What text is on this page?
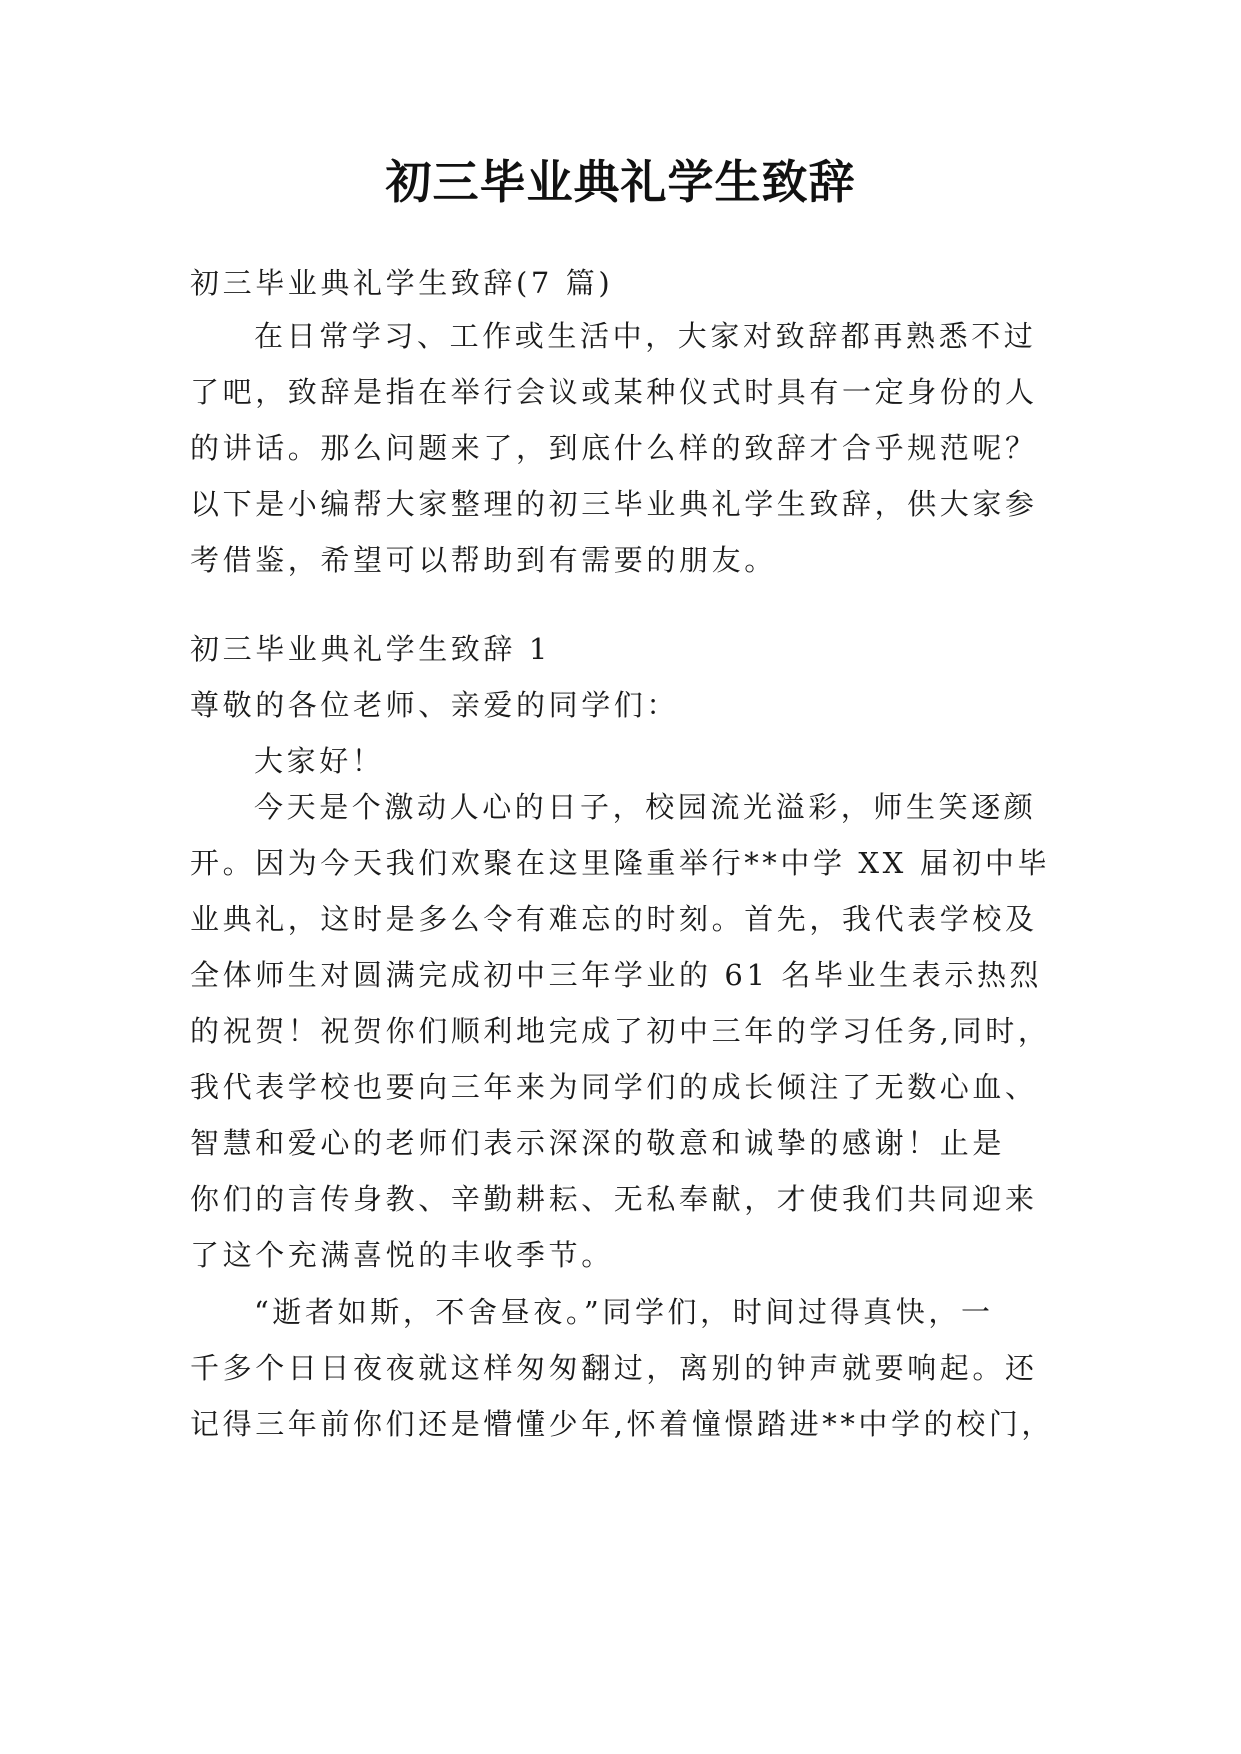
初三毕业典礼学生致辞
初三毕业典礼学生致辞(7 篇)
在日常学习、工作或生活中，大家对致辞都再熟悉不过
了吧，致辞是指在举行会议或某种仪式时具有一定身份的人
的讲话。那么问题来了，到底什么样的致辞才合乎规范呢？
以下是小编帮大家整理的初三毕业典礼学生致辞，供大家参
考借鉴，希望可以帮助到有需要的朋友。
初三毕业典礼学生致辞 1
尊敬的各位老师、亲爱的同学们：
大家好！
今天是个激动人心的日子，校园流光溢彩，师生笑逐颜
开。因为今天我们欢聚在这里隆重举行**中学 XX 届初中毕
业典礼，这时是多么令有难忘的时刻。首先，我代表学校及
全体师生对圆满完成初中三年学业的 61 名毕业生表示热烈
的祝贺！祝贺你们顺利地完成了初中三年的学习任务,同时，
我代表学校也要向三年来为同学们的成长倾注了无数心血、
智慧和爱心的老师们表示深深的敬意和诚挚的感谢！止是
你们的言传身教、辛勤耕耘、无私奉献，才使我们共同迎来
了这个充满喜悦的丰收季节。
“逝者如斯，不舍昼夜。”同学们，时间过得真快，一
千多个日日夜夜就这样匆匆翻过，离别的钟声就要响起。还
记得三年前你们还是懵懂少年,怀着憧憬踏进**中学的校门，
